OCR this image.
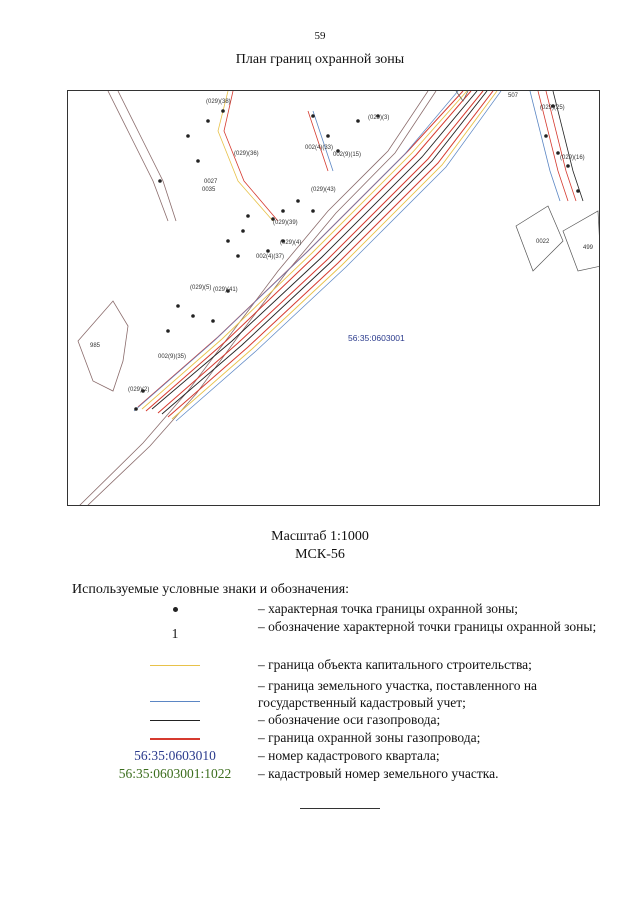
59
План границ охранной зоны
(029)(38)
(029)(36)
002(4)(33)
(029)(3)
002(9)(15)
(029)(43)
(029)(39)
(029)(4)
002(4)(37)
(029)(5) (029)(41)
002(9)(35)
(029)(2)
(029)(25)
(029)(16)
0035
0027
985
0022
499
507
56:35:0603001
Масштаб 1:1000
МСК-56
Используемые условные знаки и обозначения:
– характерная точка границы охранной зоны;
1	– обозначение характерной точки границы охранной зоны;
– граница объекта капитального строительства;
– граница земельного участка, поставленного на государственный кадастровый учет;
– обозначение оси газопровода;
– граница охранной зоны газопровода;
56:35:0603010	– номер кадастрового квартала;
56:35:0603001:1022	– кадастровый номер земельного участка.
